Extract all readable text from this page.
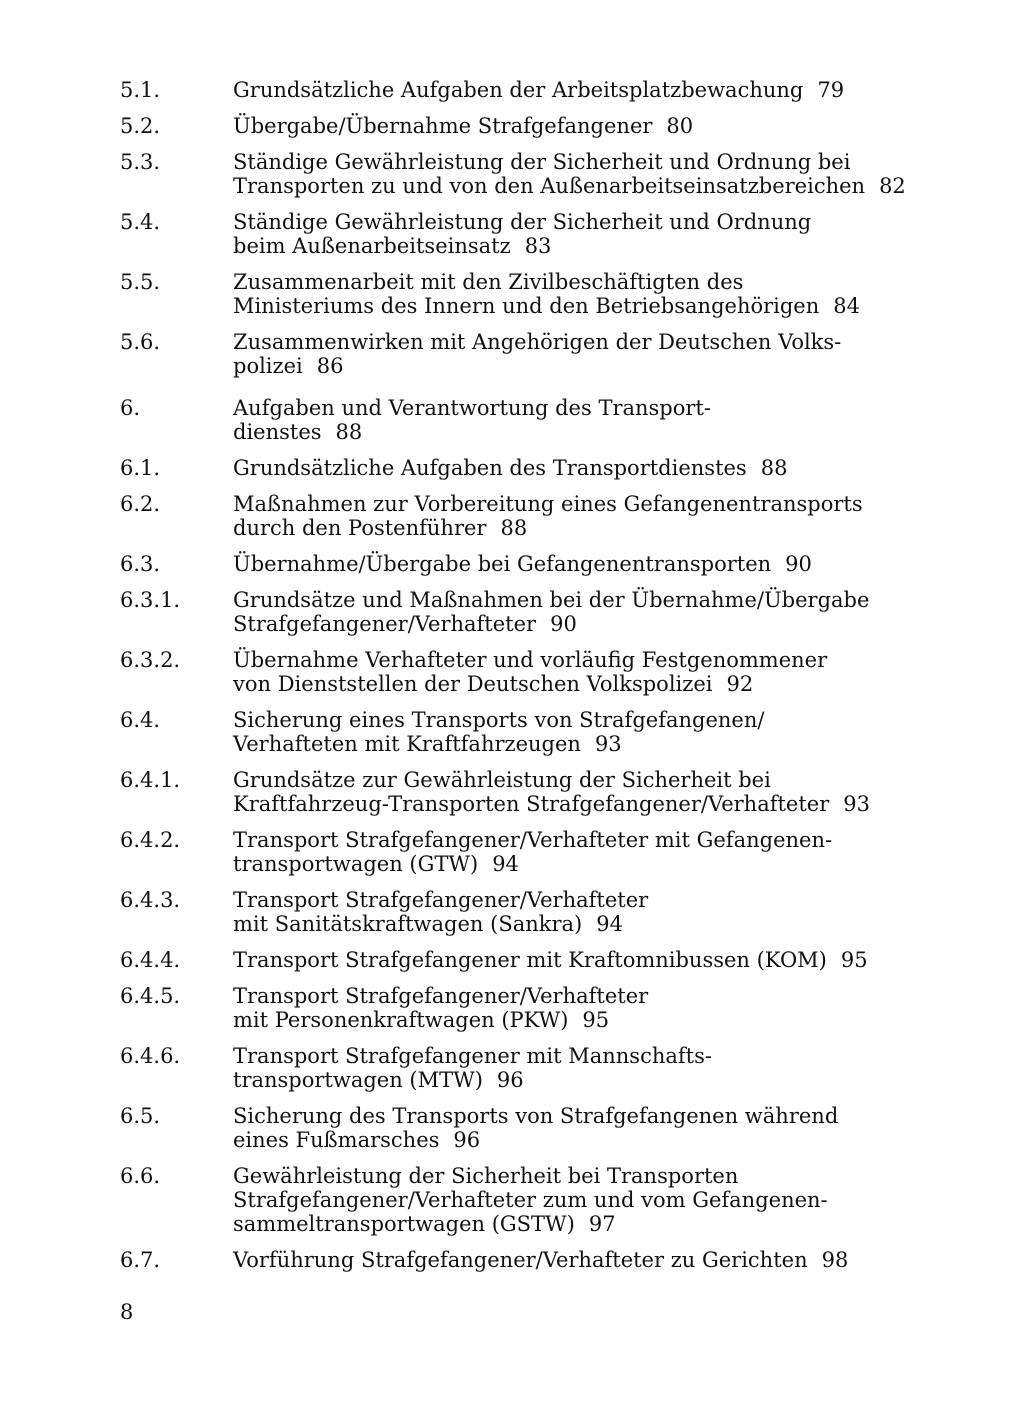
5.1.	Grundsätzliche Aufgaben der Arbeitsplatzbewachung 79
5.2.	Übergabe/Übernahme Strafgefangener 80
5.3.	Ständige Gewährleistung der Sicherheit und Ordnung bei
Transporten zu und von den Außenarbeitseinsatzbereichen 82
5.4.	Ständige Gewährleistung der Sicherheit und Ordnung
beim Außenarbeitseinsatz 83
5.5.	Zusammenarbeit mit den Zivilbeschäftigten des
Ministeriums des Innern und den Betriebsangehörigen 84
5.6.	Zusammenwirken mit Angehörigen der Deutschen Volks-
polizei 86
6.	Aufgaben und Verantwortung des Transport-
dienstes 88
6.1.	Grundsätzliche Aufgaben des Transportdienstes 88
6.2.	Maßnahmen zur Vorbereitung eines Gefangenentransports
durch den Postenführer 88
6.3.	Übernahme/Übergabe bei Gefangenentransporten 90
6.3.1.	Grundsätze und Maßnahmen bei der Übernahme/Übergabe
Strafgefangener/Verhafteter 90
6.3.2.	Übernahme Verhafteter und vorläufig Festgenommener
von Dienststellen der Deutschen Volkspolizei 92
6.4.	Sicherung eines Transports von Strafgefangenen/
Verhafteten mit Kraftfahrzeugen 93
6.4.1.	Grundsätze zur Gewährleistung der Sicherheit bei
Kraftfahrzeug-Transporten Strafgefangener/Verhafteter 93
6.4.2.	Transport Strafgefangener/Verhafteter mit Gefangenen-
transportwagen (GTW) 94
6.4.3.	Transport Strafgefangener/Verhafteter
mit Sanitätskraftwagen (Sankra) 94
6.4.4.	Transport Strafgefangener mit Kraftomnibussen (KOM) 95
6.4.5.	Transport Strafgefangener/Verhafteter
mit Personenkraftwagen (PKW) 95
6.4.6.	Transport Strafgefangener mit Mannschafts-
transportwagen (MTW) 96
6.5.	Sicherung des Transports von Strafgefangenen während
eines Fußmarsches 96
6.6.	Gewährleistung der Sicherheit bei Transporten
Strafgefangener/Verhafteter zum und vom Gefangenen-
sammeltransportwagen (GSTW) 97
6.7.	Vorführung Strafgefangener/Verhafteter zu Gerichten 98
8
